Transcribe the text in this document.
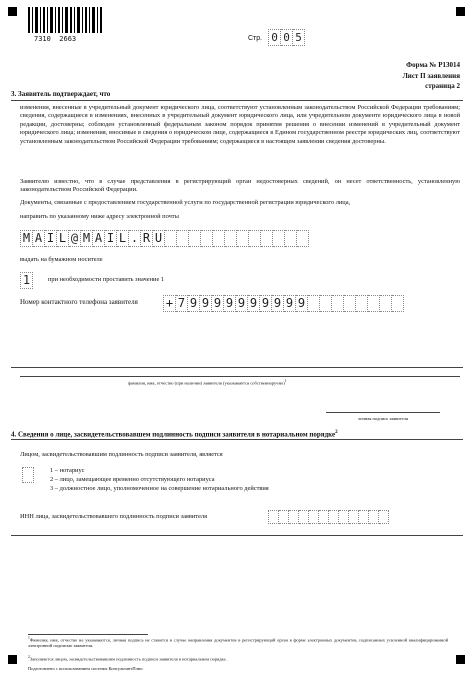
7310  2663	Стр. 0 0 5
Форма № Р13014
Лист П заявления
страница 2
3. Заявитель подтверждает, что
изменения, внесенные в учредительный документ юридического лица, соответствуют установленным законодательством Российской Федерации требованиям; сведения, содержащиеся в изменениях, внесенных в учредительный документ юридического лица, или учредительном документе юридического лица в новой редакции, достоверны; соблюден установленный федеральным законом порядок принятия решения о внесении изменений в учредительный документ юридического лица; изменения, вносимые в сведения о юридическом лице, содержащиеся в Едином государственном реестре юридических лиц, соответствуют установленным законодательством Российской Федерации требованиям; содержащиеся в настоящем заявлении сведения достоверны.
Заявителю известно, что в случае представления в регистрирующий орган недостоверных сведений, он несет ответственность, установленную законодательством Российской Федерации.
Документы, связанные с предоставлением государственной услуги по государственной регистрации юридического лица,
направить по указанному ниже адресу электронной почты
M A I L @ M A I L . R U
выдать на бумажном носителе
1	при необходимости проставить значение 1
Номер контактного телефона заявителя + 7 9 9 9 9 9 9 9 9 9 9
фамилия, имя, отчество (при наличии) заявителя (указываются собственноручно)$^1$
личная подпись заявителя
4. Сведения о лице, засвидетельствовавшем подлинность подписи заявителя в нотариальном порядке$^2$
Лицом, засвидетельствовавшим подлинность подписи заявителя, является
1 – нотариус
2 – лицо, замещающее временно отсутствующего нотариуса
3 – должностное лицо, уполномоченное на совершение нотариального действия
ИНН лица, засвидетельствовавшего подлинность подписи заявителя
$^1$Фамилия, имя, отчество не указываются, личная подпись не ставится в случае направления документов в регистрирующий орган в форме электронных документов, подписанных усиленной квалифицированной электронной подписью заявителя.
$^2$Заполняется лицом, засвидетельствовавшим подлинность подписи заявителя в нотариальном порядке.
Подготовлено с использованием системы КонсультантПлюс
